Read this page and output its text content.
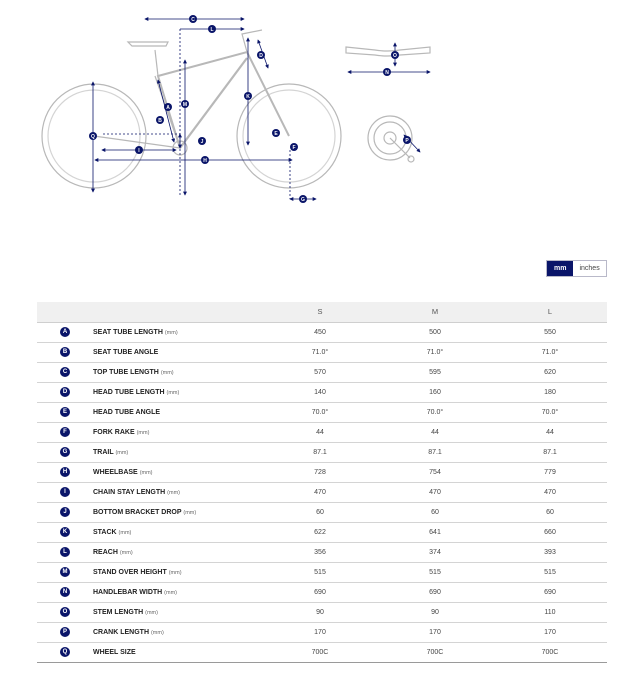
A
B
C
D
E
F
G
H
I
J
K
L
M
Q
N
O
P
mm	inches
		S	M	L
A	SEAT TUBE LENGTH (mm)	450	500	550
B	SEAT TUBE ANGLE	71.0°	71.0°	71.0°
C	TOP TUBE LENGTH (mm)	570	595	620
D	HEAD TUBE LENGTH (mm)	140	160	180
E	HEAD TUBE ANGLE	70.0°	70.0°	70.0°
F	FORK RAKE (mm)	44	44	44
G	TRAIL (mm)	87.1	87.1	87.1
H	WHEELBASE (mm)	728	754	779
I	CHAIN STAY LENGTH (mm)	470	470	470
J	BOTTOM BRACKET DROP (mm)	60	60	60
K	STACK (mm)	622	641	660
L	REACH (mm)	356	374	393
M	STAND OVER HEIGHT (mm)	515	515	515
N	HANDLEBAR WIDTH (mm)	690	690	690
O	STEM LENGTH (mm)	90	90	110
P	CRANK LENGTH (mm)	170	170	170
Q	WHEEL SIZE	700C	700C	700C
